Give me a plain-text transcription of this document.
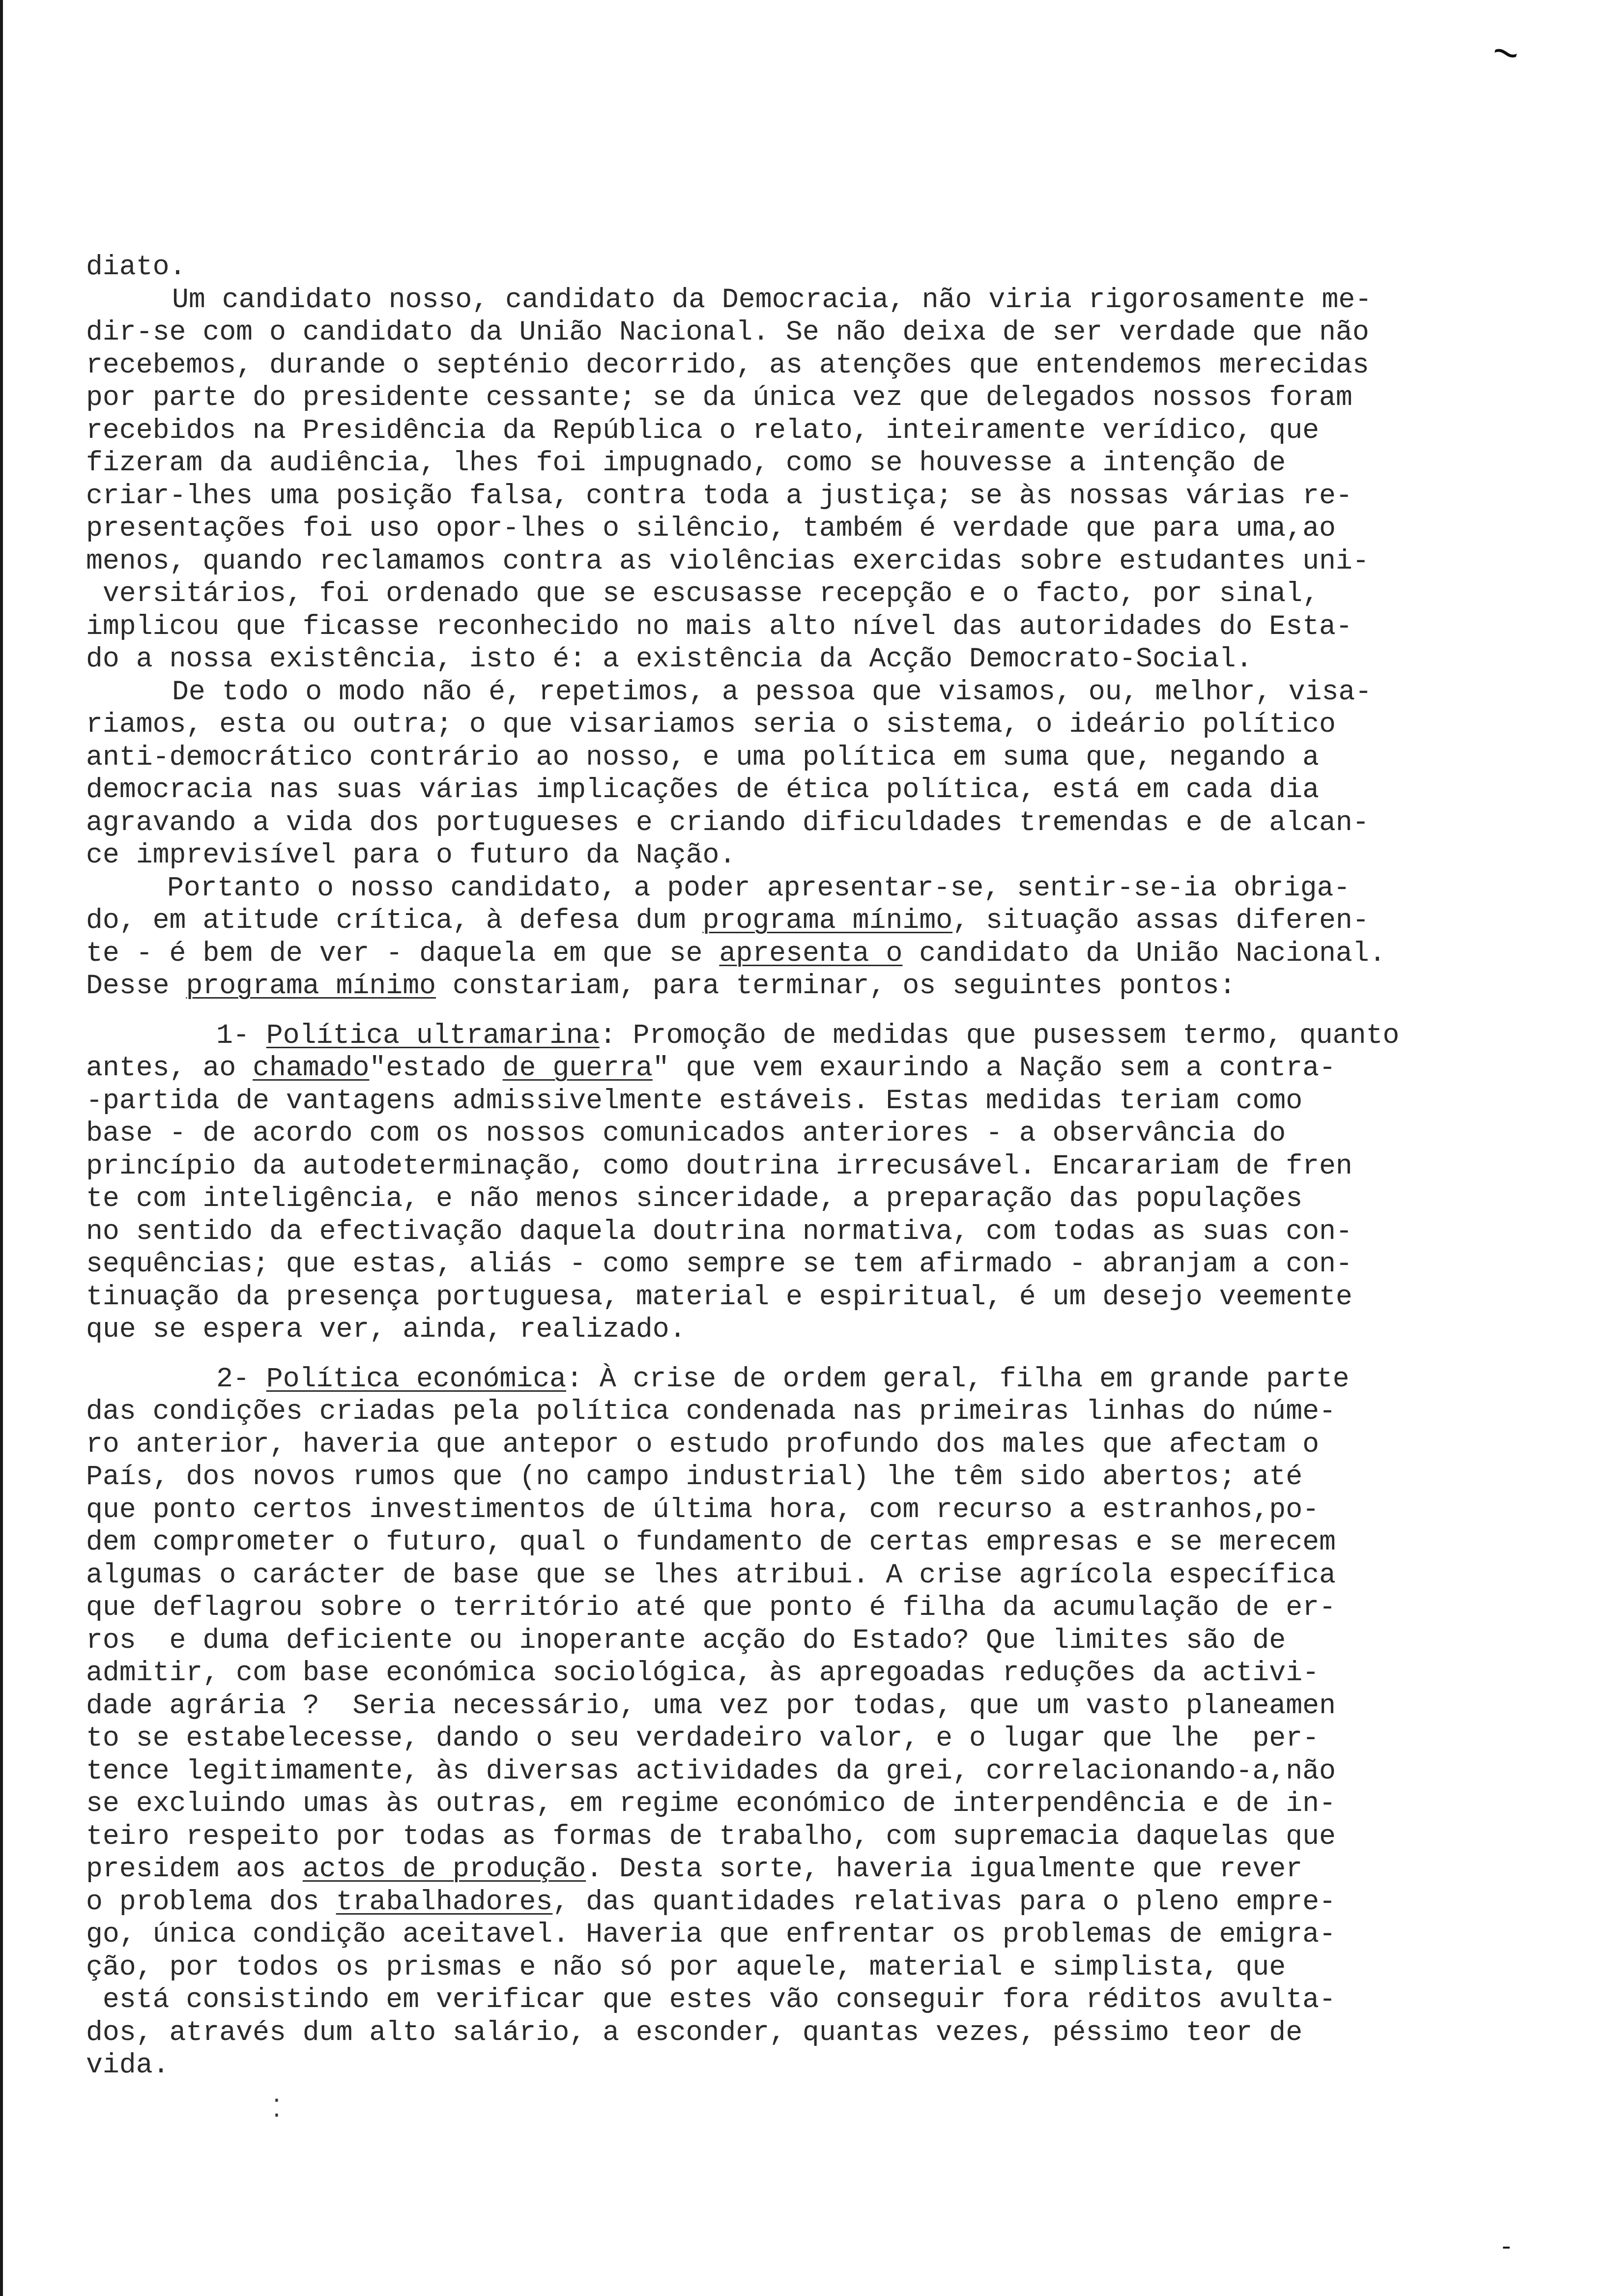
~
-
⁚
diato.
Um candidato nosso, candidato da Democracia, não viria rigorosamente me-
dir-se com o candidato da União Nacional. Se não deixa de ser verdade que não
recebemos, durande o septénio decorrido, as atenções que entendemos merecidas
por parte do presidente cessante; se da única vez que delegados nossos foram
recebidos na Presidência da República o relato, inteiramente verídico, que
fizeram da audiência, lhes foi impugnado, como se houvesse a intenção de
criar-lhes uma posição falsa, contra toda a justiça; se às nossas várias re-
presentações foi uso opor-lhes o silêncio, também é verdade que para uma,ao
menos, quando reclamamos contra as violências exercidas sobre estudantes uni-
versitários, foi ordenado que se escusasse recepção e o facto, por sinal,
implicou que ficasse reconhecido no mais alto nível das autoridades do Esta-
do a nossa existência, isto é: a existência da Acção Democrato-Social.
De todo o modo não é, repetimos, a pessoa que visamos, ou, melhor, visa-
riamos, esta ou outra; o que visariamos seria o sistema, o ideário político
anti-democrático contrário ao nosso, e uma política em suma que, negando a
democracia nas suas várias implicações de ética política, está em cada dia
agravando a vida dos portugueses e criando dificuldades tremendas e de alcan-
ce imprevisível para o futuro da Nação.
Portanto o nosso candidato, a poder apresentar-se, sentir-se-ia obriga-
do, em atitude crítica, à defesa dum programa mínimo, situação assas diferen-
te - é bem de ver - daquela em que se apresenta o candidato da União Nacional.
Desse programa mínimo constariam, para terminar, os seguintes pontos:
1- Política ultramarina: Promoção de medidas que pusessem termo, quanto
antes, ao chamado"estado de guerra" que vem exaurindo a Nação sem a contra-
-partida de vantagens admissivelmente estáveis. Estas medidas teriam como
base - de acordo com os nossos comunicados anteriores - a observância do
princípio da autodeterminação, como doutrina irrecusável. Encarariam de fren
te com inteligência, e não menos sinceridade, a preparação das populações
no sentido da efectivação daquela doutrina normativa, com todas as suas con-
sequências; que estas, aliás - como sempre se tem afirmado - abranjam a con-
tinuação da presença portuguesa, material e espiritual, é um desejo veemente
que se espera ver, ainda, realizado.
2- Política económica: À crise de ordem geral, filha em grande parte
das condições criadas pela política condenada nas primeiras linhas do núme-
ro anterior, haveria que antepor o estudo profundo dos males que afectam o
País, dos novos rumos que (no campo industrial) lhe têm sido abertos; até
que ponto certos investimentos de última hora, com recurso a estranhos,po-
dem comprometer o futuro, qual o fundamento de certas empresas e se merecem
algumas o carácter de base que se lhes atribui. A crise agrícola específica
que deflagrou sobre o território até que ponto é filha da acumulação de er-
ros  e duma deficiente ou inoperante acção do Estado? Que limites são de
admitir, com base económica sociológica, às apregoadas reduções da activi-
dade agrária ?  Seria necessário, uma vez por todas, que um vasto planeamen
to se estabelecesse, dando o seu verdadeiro valor, e o lugar que lhe  per-
tence legitimamente, às diversas actividades da grei, correlacionando-a,não
se excluindo umas às outras, em regime económico de interpendência e de in-
teiro respeito por todas as formas de trabalho, com supremacia daquelas que
presidem aos actos de produção. Desta sorte, haveria igualmente que rever
o problema dos trabalhadores, das quantidades relativas para o pleno empre-
go, única condição aceitavel. Haveria que enfrentar os problemas de emigra-
ção, por todos os prismas e não só por aquele, material e simplista, que
está consistindo em verificar que estes vão conseguir fora réditos avulta-
dos, através dum alto salário, a esconder, quantas vezes, péssimo teor de
vida.
